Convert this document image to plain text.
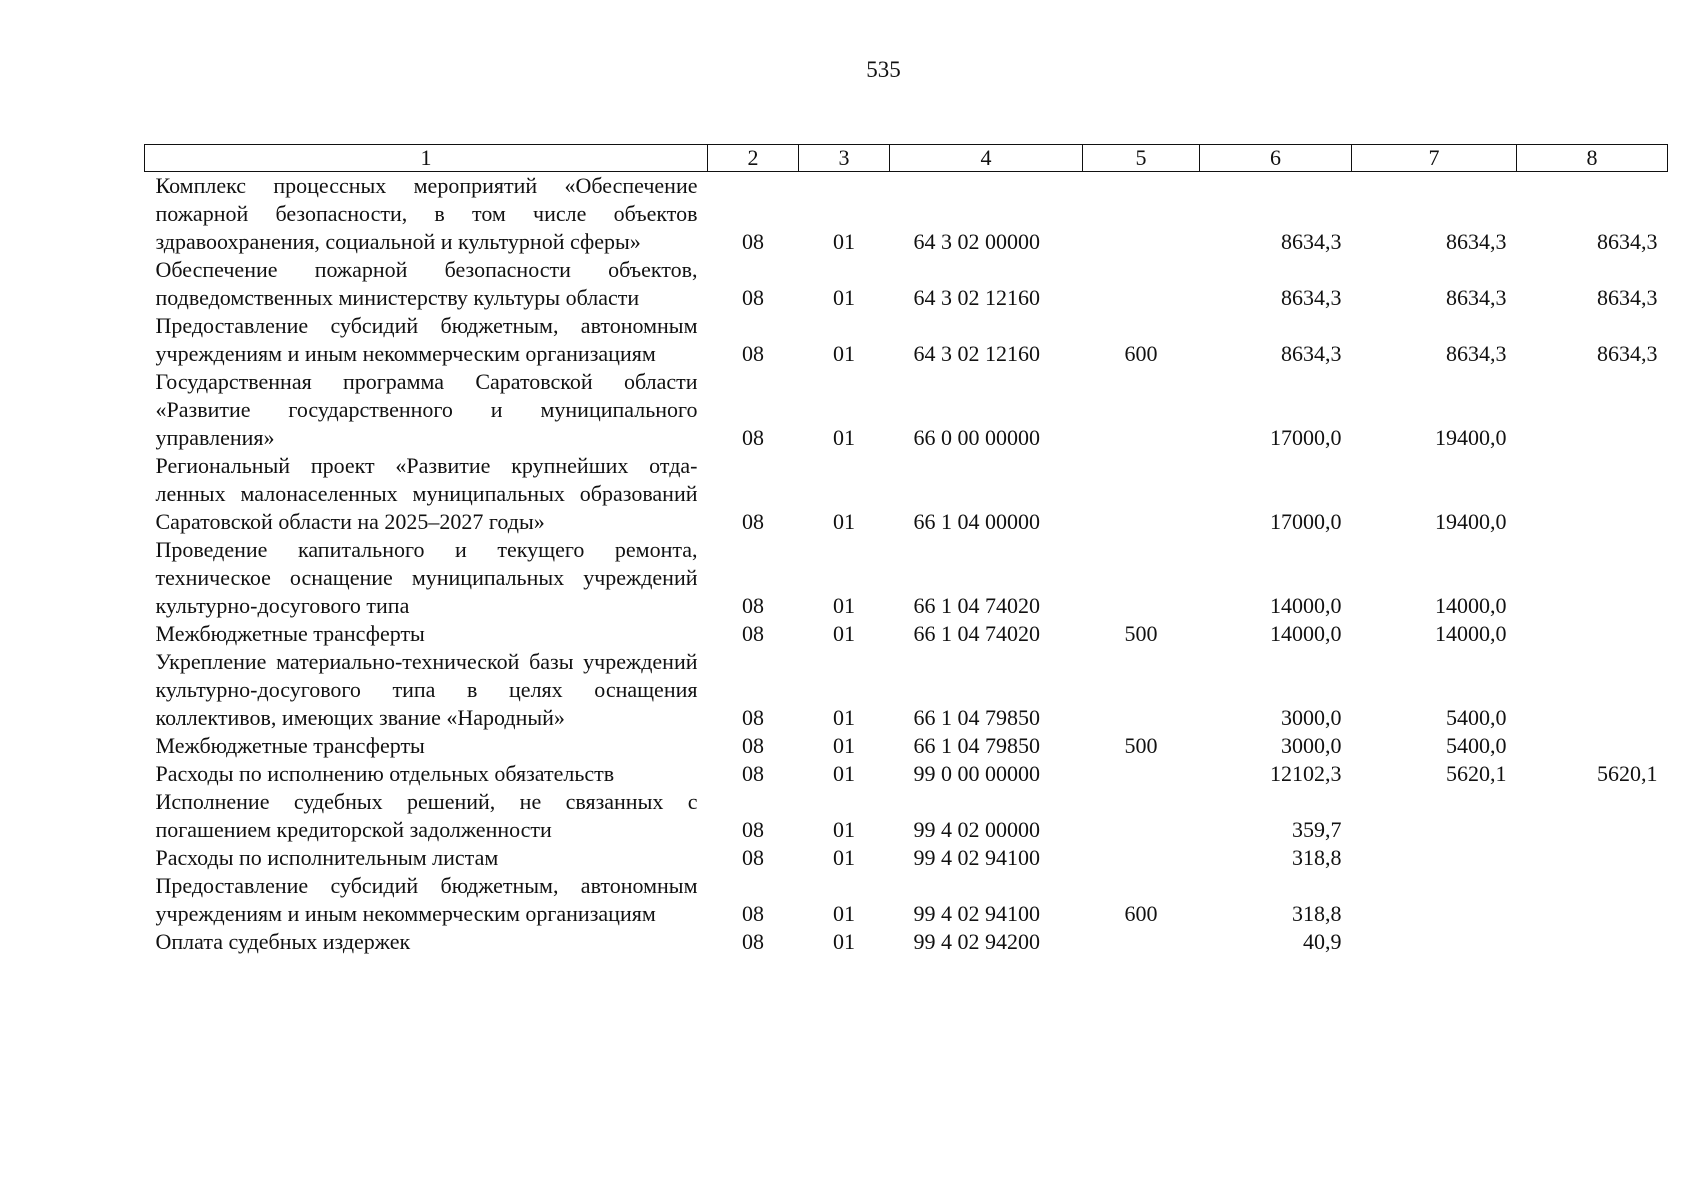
535
1	2	3	4	5	6	7	8
Комплекс процессных мероприятий «Обеспечение пожарной безопасности, в том числе объектов здравоохранения, социальной и культурной сферы»	08	01	64 3 02 00000		8634,3	8634,3	8634,3
Обеспечение пожарной безопасности объектов, подведомственных министерству культуры области	08	01	64 3 02 12160		8634,3	8634,3	8634,3
Предоставление субсидий бюджетным, автономным учреждениям и иным некоммерческим организациям	08	01	64 3 02 12160	600	8634,3	8634,3	8634,3
Государственная программа Саратовской области «Развитие государственного и муниципального управления»	08	01	66 0 00 00000		17000,0	19400,0	
Региональный проект «Развитие крупнейших отдаленных малонаселенных муниципальных образований Саратовской области на 2025–2027 годы»	08	01	66 1 04 00000		17000,0	19400,0	
Проведение капитального и текущего ремонта, техническое оснащение муниципальных учреждений культурно-досугового типа	08	01	66 1 04 74020		14000,0	14000,0	
Межбюджетные трансферты	08	01	66 1 04 74020	500	14000,0	14000,0	
Укрепление материально-технической базы учреждений культурно-досугового типа в целях оснащения коллективов, имеющих звание «Народный»	08	01	66 1 04 79850		3000,0	5400,0	
Межбюджетные трансферты	08	01	66 1 04 79850	500	3000,0	5400,0	
Расходы по исполнению отдельных обязательств	08	01	99 0 00 00000		12102,3	5620,1	5620,1
Исполнение судебных решений, не связанных с погашением кредиторской задолженности	08	01	99 4 02 00000		359,7		
Расходы по исполнительным листам	08	01	99 4 02 94100		318,8		
Предоставление субсидий бюджетным, автономным учреждениям и иным некоммерческим организациям	08	01	99 4 02 94100	600	318,8		
Оплата судебных издержек	08	01	99 4 02 94200		40,9		
